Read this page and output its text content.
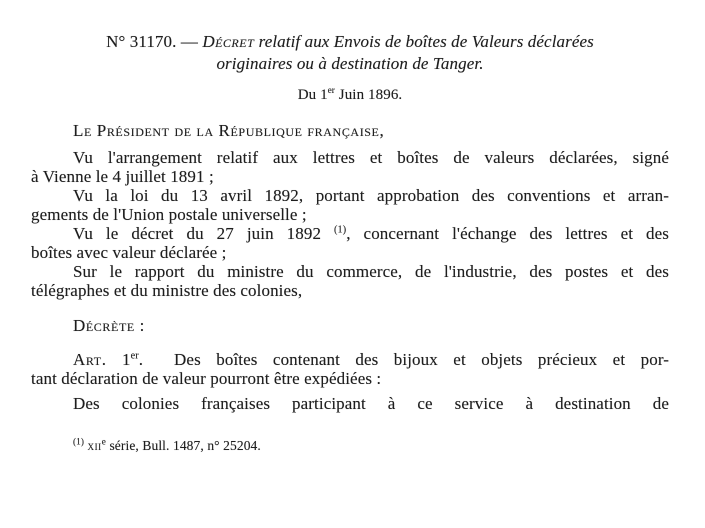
N° 31170. — Décret relatif aux Envois de boîtes de Valeurs déclarées
originaires ou à destination de Tanger.
Du 1er Juin 1896.
Le Président de la République française,
Vu l'arrangement relatif aux lettres et boîtes de valeurs déclarées, signé
à Vienne le 4 juillet 1891 ;
Vu la loi du 13 avril 1892, portant approbation des conventions et arran-
gements de l'Union postale universelle ;
Vu le décret du 27 juin 1892 $^{(1)}$, concernant l'échange des lettres et des
boîtes avec valeur déclarée ;
Sur le rapport du ministre du commerce, de l'industrie, des postes et des
télégraphes et du ministre des colonies,
Décrète :
Art. 1er. Des boîtes contenant des bijoux et objets précieux et por-
tant déclaration de valeur pourront être expédiées :
Des colonies françaises participant à ce service à destination de
$^{(1)}$ xii$^e$ série, Bull. 1487, n° 25204.
